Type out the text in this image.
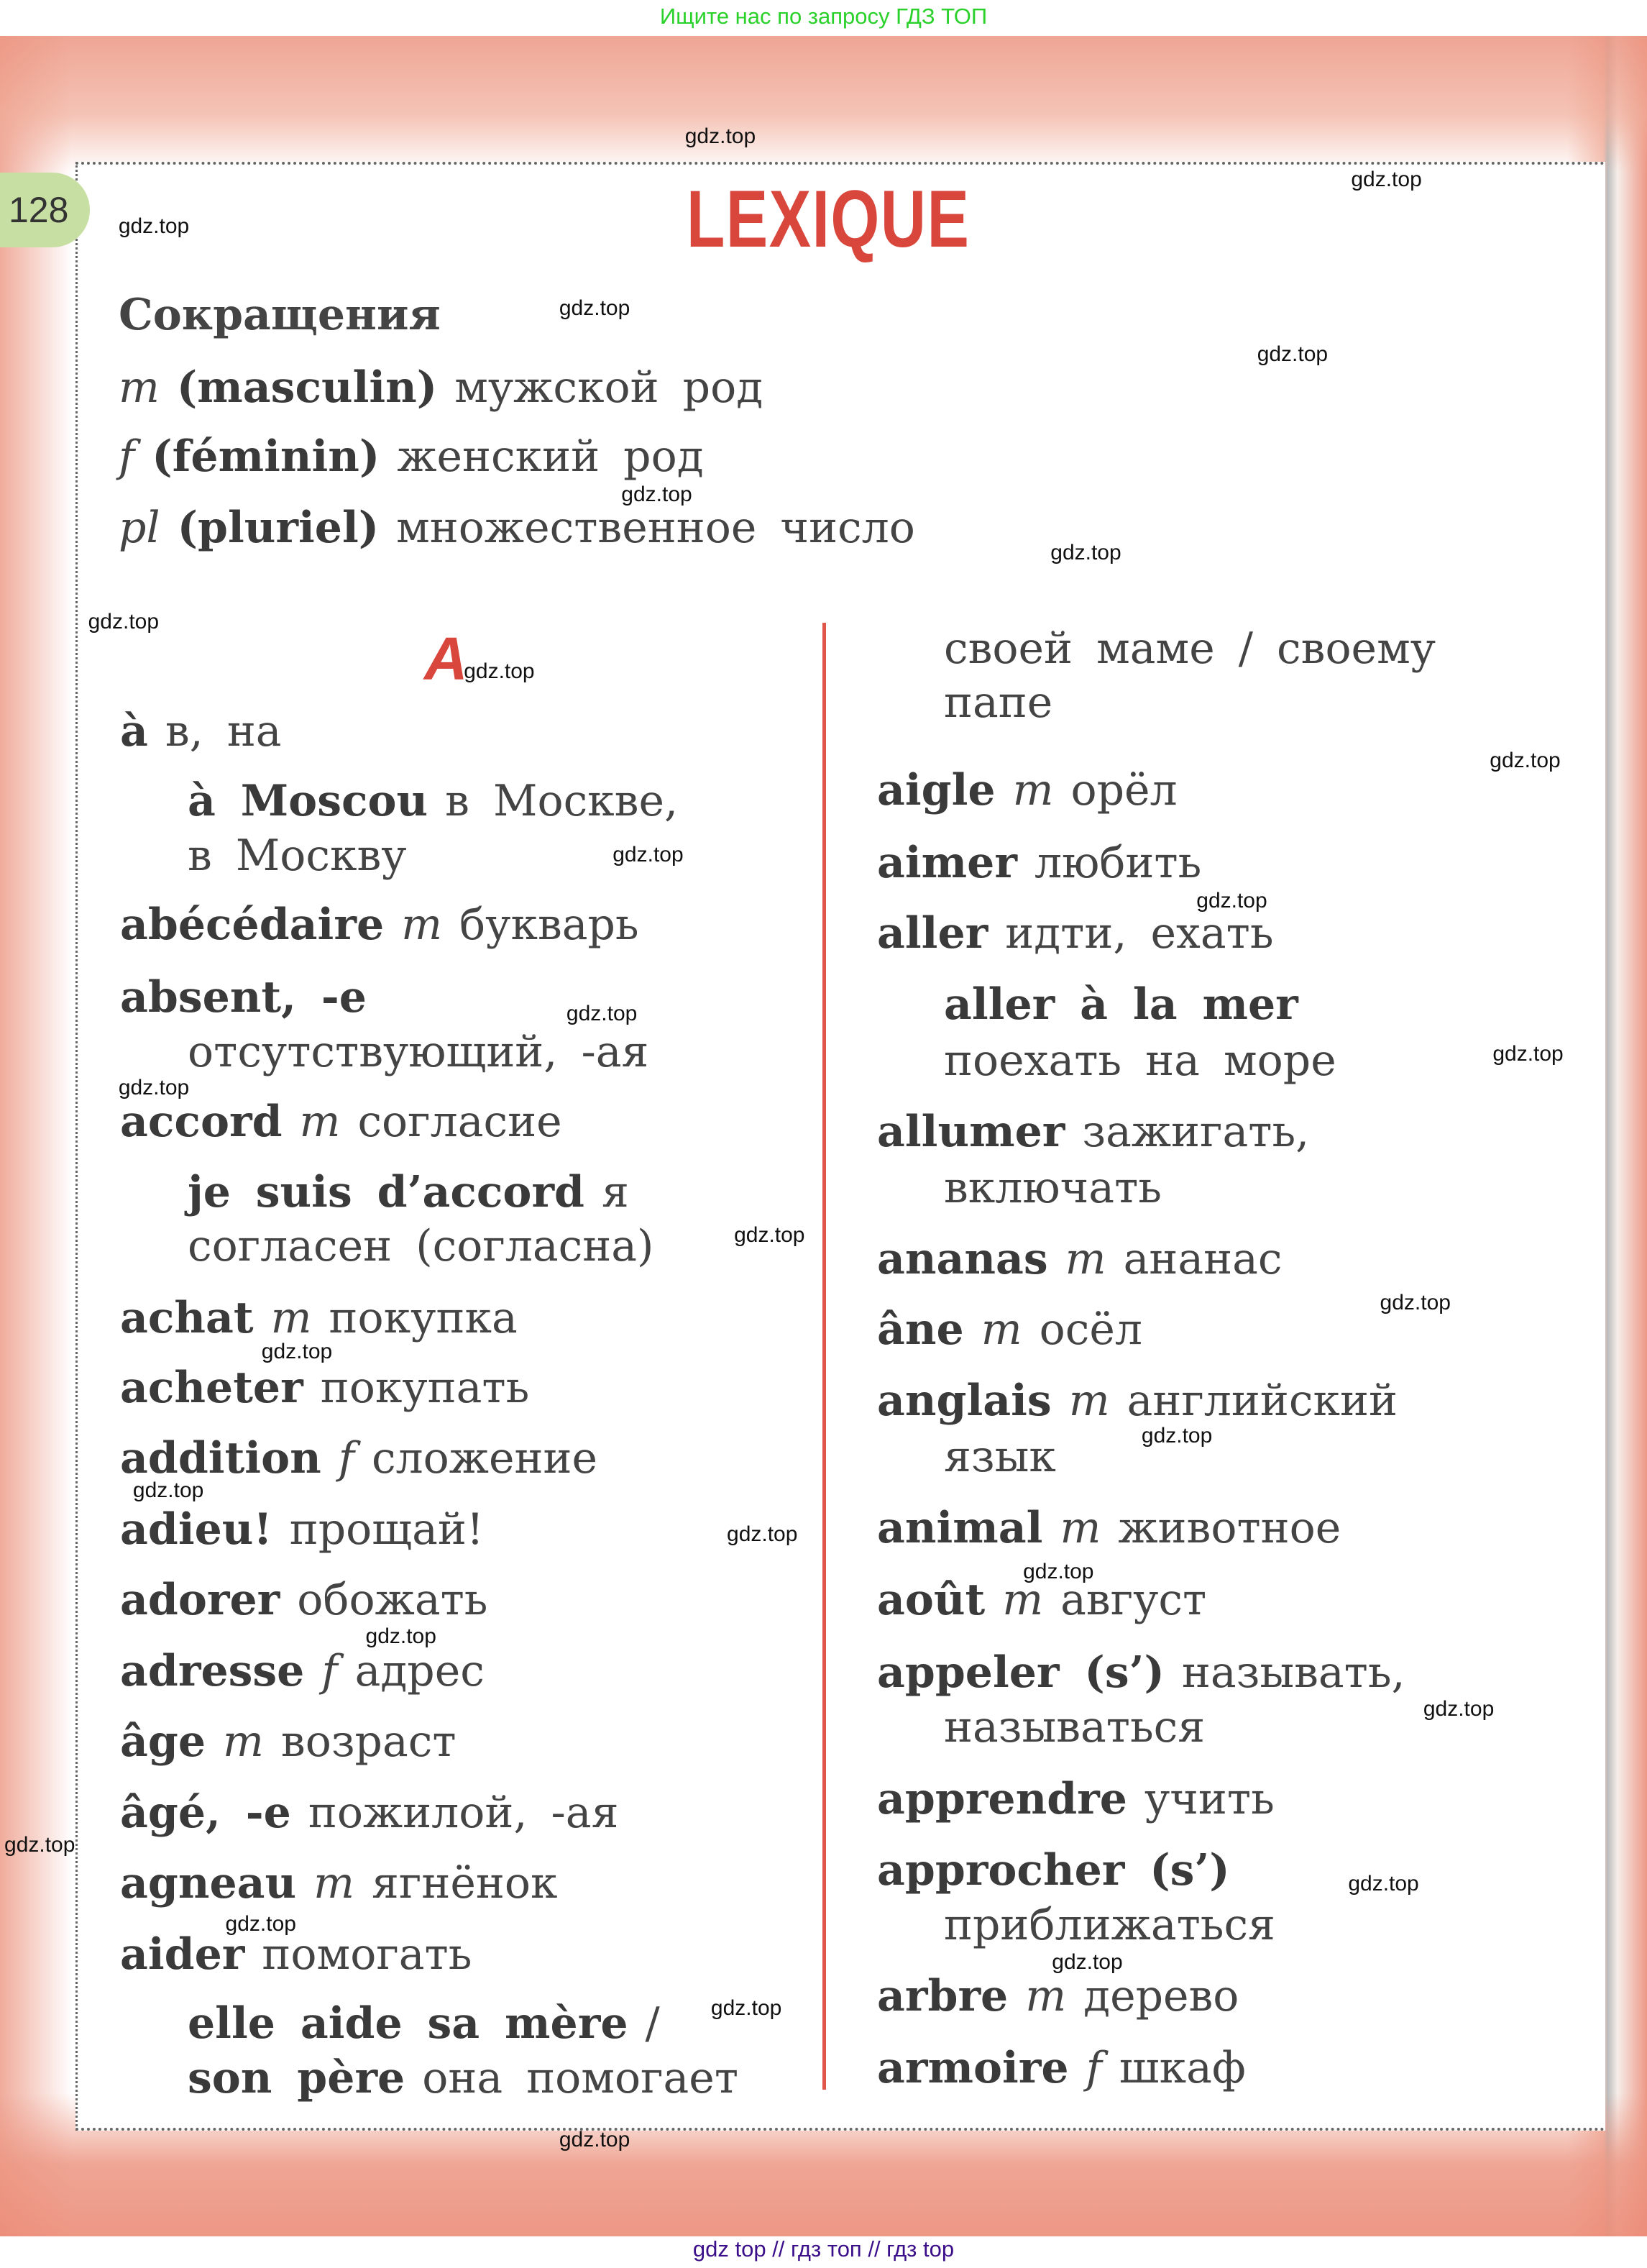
Ищите нас по запросу ГДЗ ТОП
128	LEXIQUE
Сокращения
m (masculin) мужской род
f (féminin) женский род
pl (pluriel) множественное число
A
à в, на
à Moscou в Москве,
в Москву
abécédaire m букварь
absent, -e
отсутствующий, -ая
accord m согласие
je suis d’accord я
согласен (согласна)
achat m покупка
acheter покупать
addition f сложение
adieu! прощай!
adorer обожать
adresse f адрес
âge m возраст
âgé, -e пожилой, -ая
agneau m ягнёнок
aider помогать
elle aide sa mère /
son père она помогает
своей маме / своему
папе
aigle m орёл
aimer любить
aller идти, ехать
aller à la mer
поехать на море
allumer зажигать,
включать
ananas m ананас
âne m осёл
anglais m английский
язык
animal m животное
août m август
appeler (s’) называть,
называться
apprendre учить
approcher (s’)
приближаться
arbre m дерево
armoire f шкаф
gdz.top
gdz.top
gdz.top
gdz.top
gdz.top
gdz.top
gdz.top
gdz.top
gdz.top
gdz.top
gdz.top
gdz.top
gdz.top
gdz.top
gdz.top
gdz.top
gdz.top
gdz.top
gdz.top
gdz.top
gdz.top
gdz.top
gdz.top
gdz.top
gdz.top
gdz.top
gdz.top
gdz.top
gdz.top
gdz.top
gdz top // гдз топ // гдз top
